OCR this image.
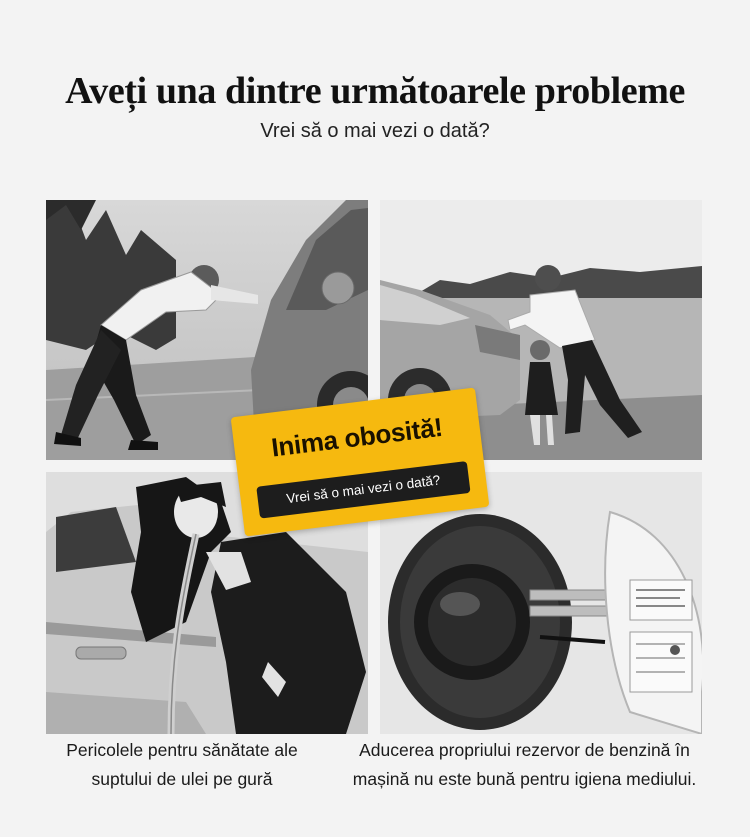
Aveți una dintre următoarele probleme
Vrei să o mai vezi o dată?
Inima obosită!
Vrei să o mai vezi o dată?
Pericolele pentru sănătate ale
suptului de ulei pe gură
Aducerea propriului rezervor de benzină în
mașină nu este bună pentru igiena mediului.
